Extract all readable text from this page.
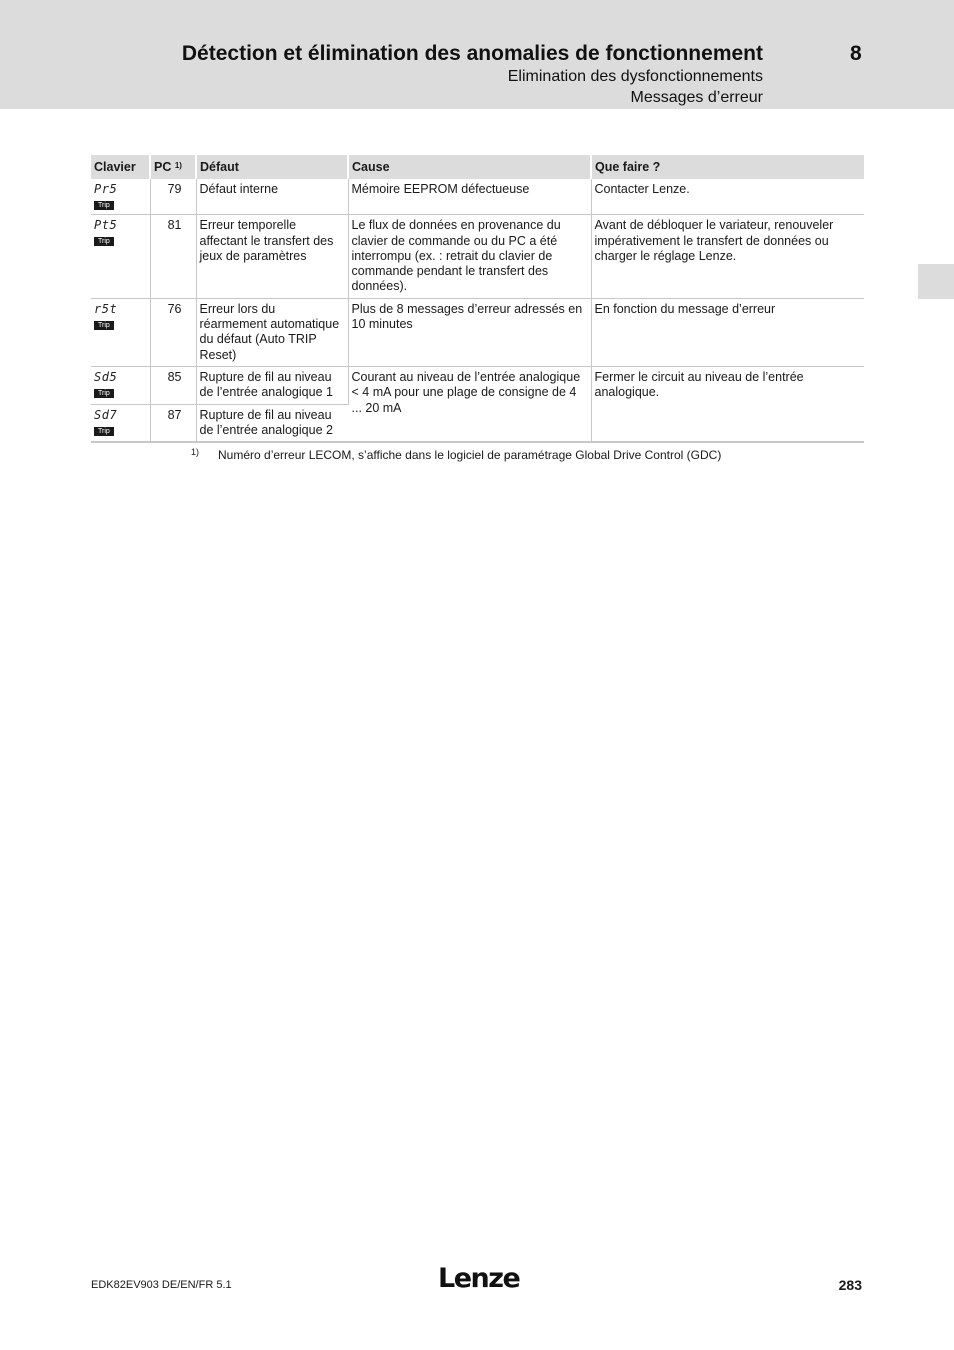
Détection et élimination des anomalies de fonctionnement	8
Elimination des dysfonctionnements
Messages d’erreur
Clavier	PC $^{1)}$	Défaut	Cause	Que faire ?

Pr5
Trip	79	Défaut interne	Mémoire EEPROM défectueuse	Contacter Lenze.

Pt5
Trip	81	Erreur temporelle affectant le transfert des jeux de paramètres	Le flux de données en provenance du clavier de commande ou du PC a été interrompu (ex. : retrait du clavier de commande pendant le transfert des données).	Avant de débloquer le variateur, renouveler impérativement le transfert de données ou charger le réglage Lenze.

r5t
Trip	76	Erreur lors du réarmement automatique du défaut (Auto TRIP Reset)	Plus de 8 messages d’erreur adressés en 10 minutes	En fonction du message d’erreur

Sd5
Trip	85	Rupture de fil au niveau de l’entrée analogique 1	Courant au niveau de l’entrée analogique < 4 mA pour une plage de consigne de 4 ... 20 mA	Fermer le circuit au niveau de l’entrée analogique.

Sd7
Trip	87	Rupture de fil au niveau de l’entrée analogique 2		
1) Numéro d’erreur LECOM, s’affiche dans le logiciel de paramétrage Global Drive Control (GDC)
EDK82EV903 DE/EN/FR 5.1	Lenze	283
